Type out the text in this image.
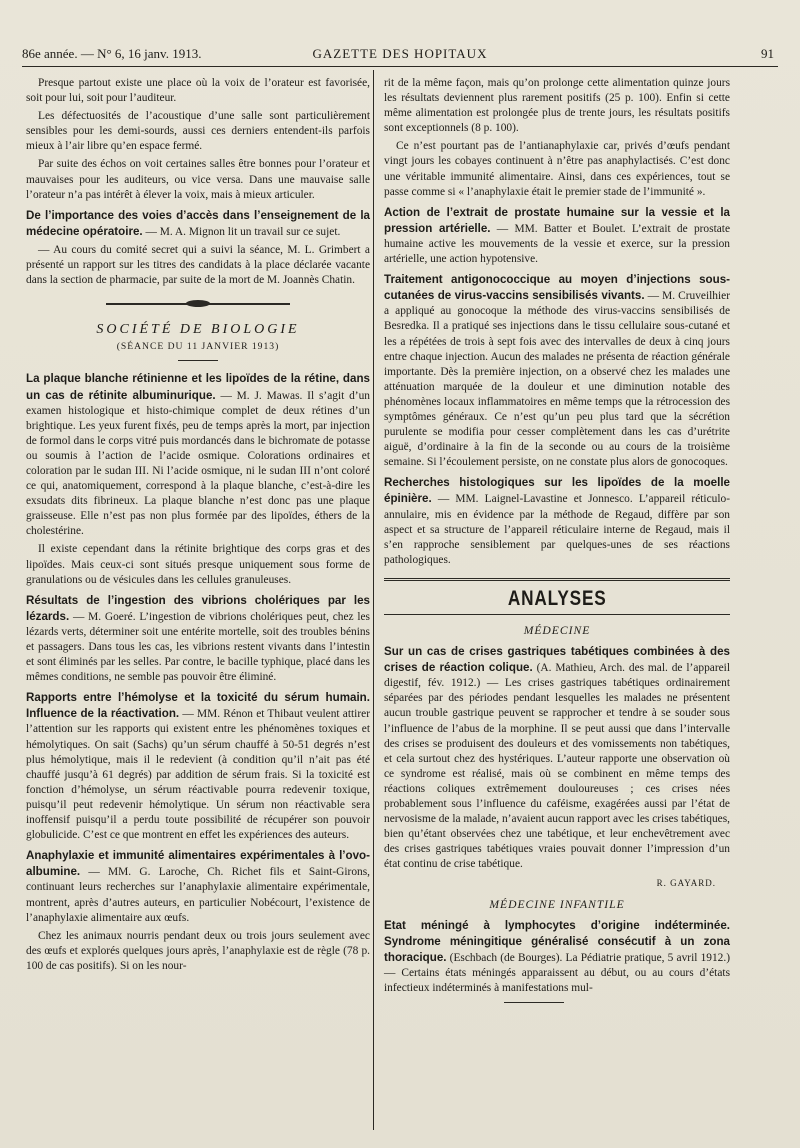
86e année. — N° 6, 16 janv. 1913.	GAZETTE DES HOPITAUX	91

Presque partout existe une place où la voix de l’orateur est favorisée, soit pour lui, soit pour l’auditeur.

Les défectuosités de l’acoustique d’une salle sont particulièrement sensibles pour les demi-sourds, aussi ces derniers entendent-ils parfois mieux à l’air libre qu’en espace fermé.

Par suite des échos on voit certaines salles être bonnes pour l’orateur et mauvaises pour les auditeurs, ou vice versa. Dans une mauvaise salle l’orateur n’a pas intérêt à élever la voix, mais à mieux articuler.

De l’importance des voies d’accès dans l’enseignement de la médecine opératoire. — M. A. Mignon lit un travail sur ce sujet.

— Au cours du comité secret qui a suivi la séance, M. L. Grimbert a présenté un rapport sur les titres des candidats à la place déclarée vacante dans la section de pharmacie, par suite de la mort de M. Joannès Chatin.

SOCIÉTÉ DE BIOLOGIE
(SÉANCE DU 11 JANVIER 1913)

La plaque blanche rétinienne et les lipoïdes de la rétine, dans un cas de rétinite albuminurique. — M. J. Mawas. Il s’agit d’un examen histologique et histo-chimique complet de deux rétines d’un brightique. Les yeux furent fixés, peu de temps après la mort, par injection de formol dans le corps vitré puis mordancés dans le bichromate de potasse ou soumis à l’action de l’acide osmique. Colorations ordinaires et coloration par le sudan III. Ni l’acide osmique, ni le sudan III n’ont coloré ce qui, anatomiquement, correspond à la plaque blanche, c’est-à-dire les exsudats dits fibrineux. La plaque blanche n’est donc pas une plaque graisseuse. Elle n’est pas non plus formée par des lipoïdes, éthers de la cholestérine.

Il existe cependant dans la rétinite brightique des corps gras et des lipoïdes. Mais ceux-ci sont situés presque uniquement sous forme de granulations ou de vésicules dans les cellules granuleuses.

Résultats de l’ingestion des vibrions cholériques par les lézards. — M. Goeré. L’ingestion de vibrions cholériques peut, chez les lézards verts, déterminer soit une entérite mortelle, soit des troubles bénins et passagers. Dans tous les cas, les vibrions restent vivants dans l’intestin et sont éliminés par les selles. Par contre, le bacille typhique, placé dans les mêmes conditions, ne semble pas pouvoir être éliminé.

Rapports entre l’hémolyse et la toxicité du sérum humain. Influence de la réactivation. — MM. Rénon et Thibaut veulent attirer l’attention sur les rapports qui existent entre les phénomènes toxiques et hémolytiques. On sait (Sachs) qu’un sérum chauffé à 50-51 degrés n’est plus hémolytique, mais il le redevient (à condition qu’il n’ait pas été chauffé jusqu’à 61 degrés) par addition de sérum frais. Si la toxicité est fonction d’hémolyse, un sérum réactivable pourra redevenir toxique, puisqu’il peut redevenir hémolytique. Un sérum non réactivable sera inoffensif puisqu’il a perdu toute possibilité de récupérer son pouvoir globulicide. C’est ce que montrent en effet les expériences des auteurs.

Anaphylaxie et immunité alimentaires expérimentales à l’ovo-albumine. — MM. G. Laroche, Ch. Richet fils et Saint-Girons, continuant leurs recherches sur l’anaphylaxie alimentaire expérimentale, montrent, après d’autres auteurs, en particulier Nobécourt, l’existence de l’anaphylaxie alimentaire aux œufs.

Chez les animaux nourris pendant deux ou trois jours seulement avec des œufs et explorés quelques jours après, l’anaphylaxie est de règle (78 p. 100 de cas positifs). Si on les nour-

rit de la même façon, mais qu’on prolonge cette alimentation quinze jours les résultats deviennent plus rarement positifs (25 p. 100). Enfin si cette même alimentation est prolongée plus de trente jours, les résultats positifs sont exceptionnels (8 p. 100).

Ce n’est pourtant pas de l’antianaphylaxie car, privés d’œufs pendant vingt jours les cobayes continuent à n’être pas anaphylactisés. C’est donc une véritable immunité alimentaire. Ainsi, dans ces expériences, tout se passe comme si « l’anaphylaxie était le premier stade de l’immunité ».

Action de l’extrait de prostate humaine sur la vessie et la pression artérielle. — MM. Batter et Boulet. L’extrait de prostate humaine active les mouvements de la vessie et exerce, sur la pression artérielle, une action hypotensive.

Traitement antigonococcique au moyen d’injections sous-cutanées de virus-vaccins sensibilisés vivants. — M. Cruveilhier a appliqué au gonocoque la méthode des virus-vaccins sensibilisés de Besredka. Il a pratiqué ses injections dans le tissu cellulaire sous-cutané et les a répétées de trois à sept fois avec des intervalles de deux à cinq jours entre chaque injection. Aucun des malades ne présenta de réaction générale importante. Dès la première injection, on a observé chez les malades une atténuation marquée de la douleur et une diminution notable des phénomènes locaux inflammatoires en même temps que la rétrocession des symptômes généraux. Ce n’est qu’un peu plus tard que la sécrétion purulente se modifia pour cesser complètement dans les cas d’urétrite aiguë, d’ordinaire à la fin de la seconde ou au cours de la troisième semaine. Si l’écoulement persiste, on ne constate plus alors de gonocoques.

Recherches histologiques sur les lipoïdes de la moelle épinière. — MM. Laignel-Lavastine et Jonnesco. L’appareil réticulo-annulaire, mis en évidence par la méthode de Regaud, diffère par son aspect et sa structure de l’appareil réticulaire interne de Regaud, mais il s’en rapproche sensiblement par quelques-unes de ses réactions pathologiques.

ANALYSES
MÉDECINE

Sur un cas de crises gastriques tabétiques combinées à des crises de réaction colique. (A. Mathieu, Arch. des mal. de l’appareil digestif, fév. 1912.) — Les crises gastriques tabétiques ordinairement séparées par des périodes pendant lesquelles les malades ne présentent aucun trouble gastrique peuvent se rapprocher et tendre à se souder sous l’influence de l’abus de la morphine. Il se peut aussi que dans l’intervalle des crises se produisent des douleurs et des vomissements non tabétiques, et cela surtout chez des hystériques. L’auteur rapporte une observation où ce syndrome est réalisé, mais où se combinent en même temps des réactions coliques extrêmement douloureuses ; ces crises nées probablement sous l’influence du caféisme, exagérées aussi par l’état de nervosisme de la malade, n’avaient aucun rapport avec les crises tabétiques, bien qu’étant observées chez une tabétique, et leur enchevêtrement avec des crises gastriques tabétiques vraies pouvait donner l’impression d’un état continu de crise tabétique.

R. GAYARD.
MÉDECINE INFANTILE

Etat méningé à lymphocytes d’origine indéterminée. Syndrome méningitique généralisé consécutif à un zona thoracique. (Eschbach (de Bourges). La Pédiatrie pratique, 5 avril 1912.) — Certains états méningés apparaissent au début, ou au cours d’états infectieux indéterminés à manifestations mul-
